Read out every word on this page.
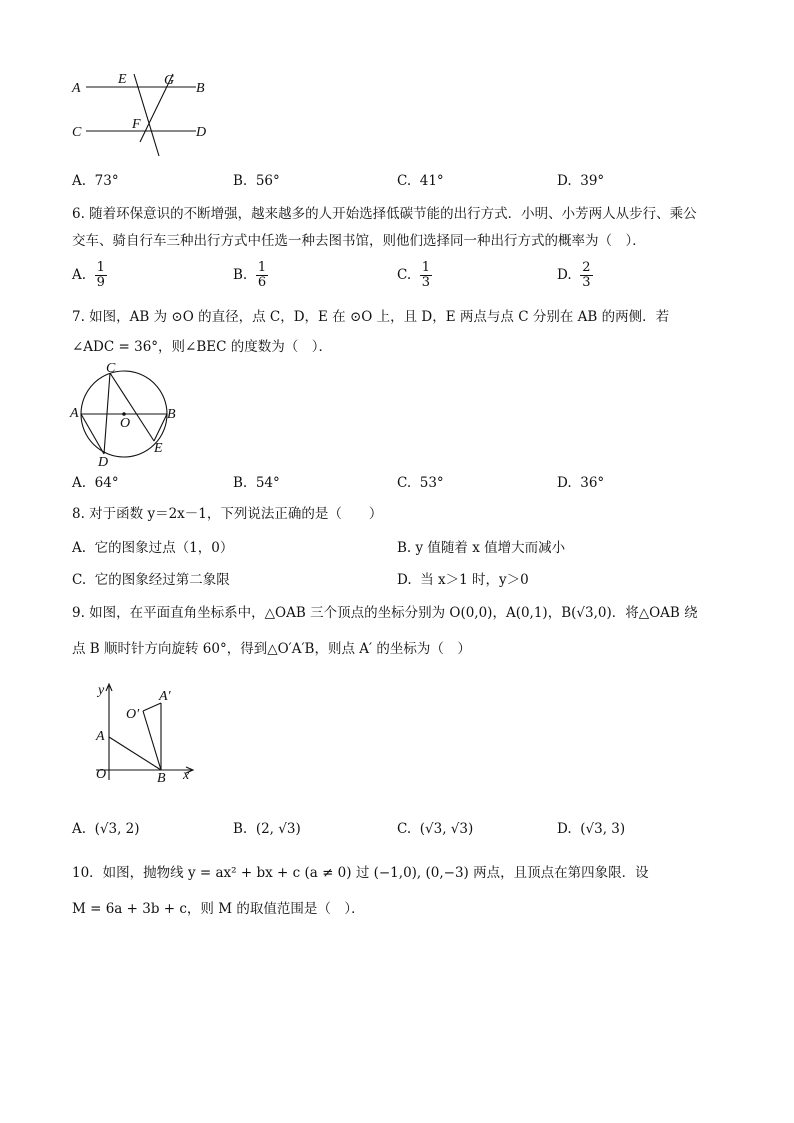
A
E	G
B
C
F
D
A. 73°	B. 56°	C. 41°	D. 39°
6. 随着环保意识的不断增强，越来越多的人开始选择低碳节能的出行方式．小明、小芳两人从步行、乘公
交车、骑自行车三种出行方式中任选一种去图书馆，则他们选择同一种出行方式的概率为（　）．
A. $\frac{1}{9}$	B. $\frac{1}{6}$	C. $\frac{1}{3}$	D. $\frac{2}{3}$
7. 如图，AB 为 ⊙O 的直径，点 C，D，E 在 ⊙O 上，且 D，E 两点与点 C 分别在 AB 的两侧．若
∠ADC = 36°，则∠BEC 的度数为（　）．
C
A
O
B
D
E
A. 64°	B. 54°	C. 53°	D. 36°
8. 对于函数 y＝2x－1，下列说法正确的是（　　）
A. 它的图象过点（1，0）	B. y 值随着 x 值增大而减小
C. 它的图象经过第二象限	D. 当 x＞1 时，y＞0
9. 如图，在平面直角坐标系中，△OAB 三个顶点的坐标分别为 O(0,0)，A(0,1)，B(√3,0)．将△OAB 绕
点 B 顺时针方向旋转 60°，得到△O′A′B，则点 A′ 的坐标为（　）
y	A′
O′
A
O	B x
A. (√3, 2)	B. (2, √3)	C. (√3, √3)	D. (√3, 3)
10．如图，抛物线 y = ax² + bx + c (a ≠ 0) 过 (−1,0), (0,−3) 两点，且顶点在第四象限．设
M = 6a + 3b + c，则 M 的取值范围是（　）．
